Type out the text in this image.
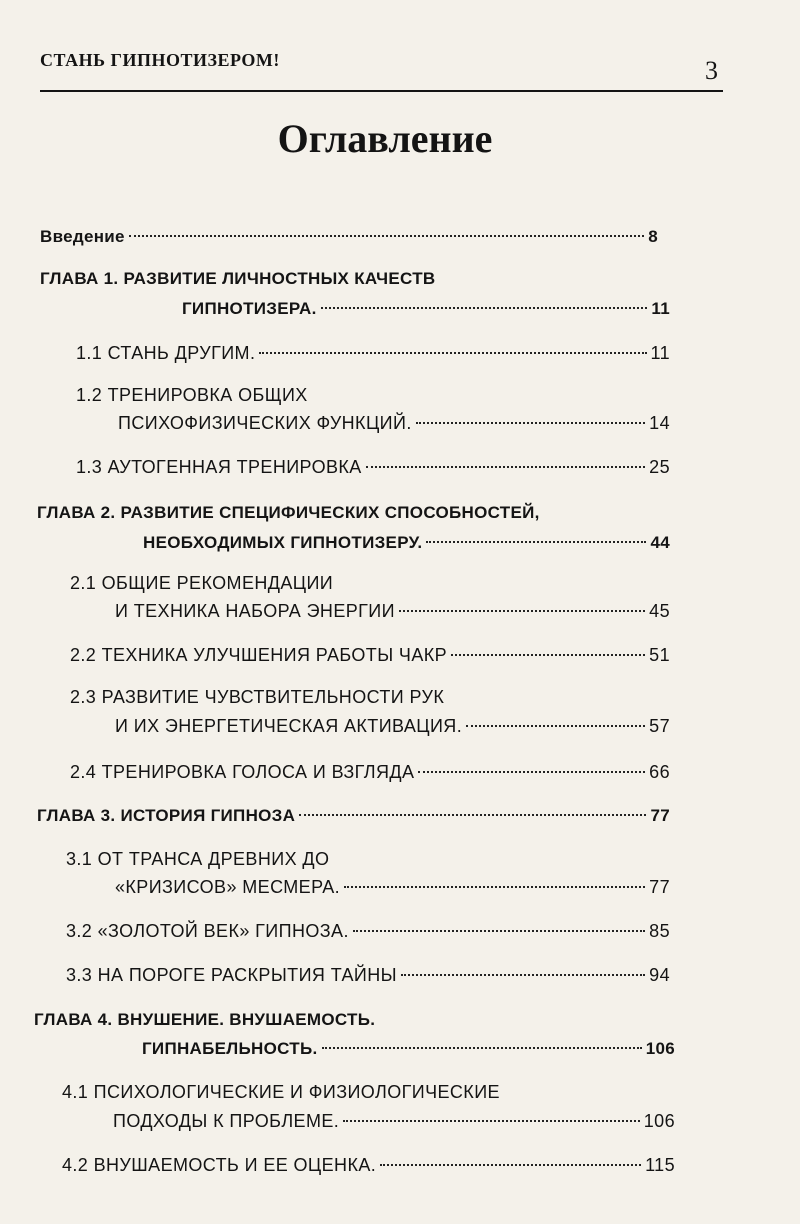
СТАНЬ ГИПНОТИЗЕРОМ!	3
Оглавление
Введение	8
ГЛАВА 1. РАЗВИТИЕ ЛИЧНОСТНЫХ КАЧЕСТВ
ГИПНОТИЗЕРА.	11
1.1 СТАНЬ ДРУГИМ.	11
1.2 ТРЕНИРОВКА ОБЩИХ
ПСИХОФИЗИЧЕСКИХ ФУНКЦИЙ.	14
1.3 АУТОГЕННАЯ ТРЕНИРОВКА	25
ГЛАВА 2. РАЗВИТИЕ СПЕЦИФИЧЕСКИХ СПОСОБНОСТЕЙ,
НЕОБХОДИМЫХ ГИПНОТИЗЕРУ.	44
2.1 ОБЩИЕ РЕКОМЕНДАЦИИ
И ТЕХНИКА НАБОРА ЭНЕРГИИ	45
2.2 ТЕХНИКА УЛУЧШЕНИЯ РАБОТЫ ЧАКР	51
2.3 РАЗВИТИЕ ЧУВСТВИТЕЛЬНОСТИ РУК
И ИХ ЭНЕРГЕТИЧЕСКАЯ АКТИВАЦИЯ.	57
2.4 ТРЕНИРОВКА ГОЛОСА И ВЗГЛЯДА	66
ГЛАВА 3. ИСТОРИЯ ГИПНОЗА	77
3.1 ОТ ТРАНСА ДРЕВНИХ ДО
«КРИЗИСОВ» МЕСМЕРА.	77
3.2 «ЗОЛОТОЙ ВЕК» ГИПНОЗА.	85
3.3 НА ПОРОГЕ РАСКРЫТИЯ ТАЙНЫ	94
ГЛАВА 4. ВНУШЕНИЕ. ВНУШАЕМОСТЬ.
ГИПНАБЕЛЬНОСТЬ.	106
4.1 ПСИХОЛОГИЧЕСКИЕ И ФИЗИОЛОГИЧЕСКИЕ
ПОДХОДЫ К ПРОБЛЕМЕ.	106
4.2 ВНУШАЕМОСТЬ И ЕЕ ОЦЕНКА.	115
